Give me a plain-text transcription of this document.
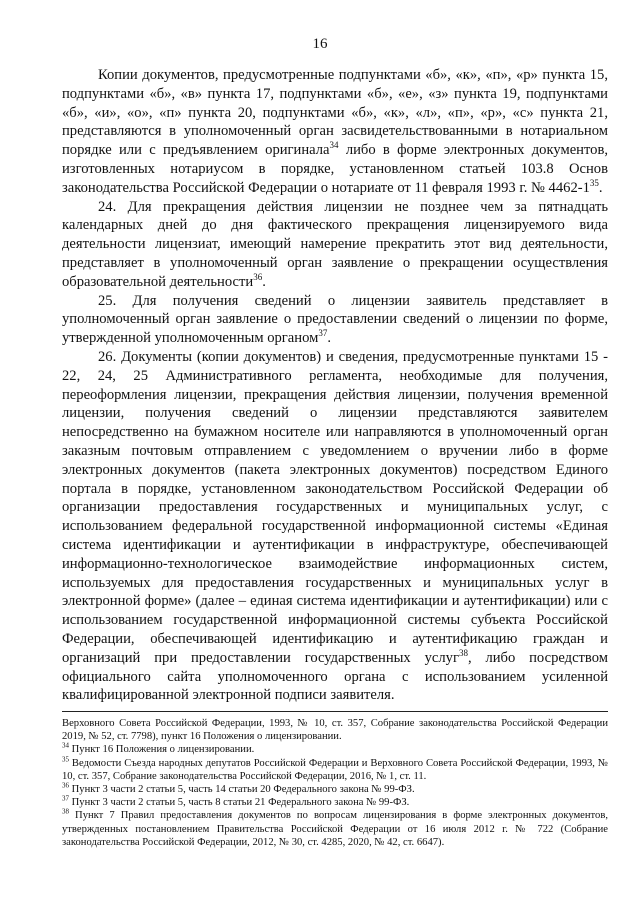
16

Копии документов, предусмотренные подпунктами «б», «к», «п», «р» пункта 15, подпунктами «б», «в» пункта 17, подпунктами «б», «е», «з» пункта 19, подпунктами «б», «и», «о», «п» пункта 20, подпунктами «б», «к», «л», «п», «р», «с» пункта 21, представляются в уполномоченный орган засвидетельствованными в нотариальном порядке или с предъявлением оригинала$^{34}$ либо в форме электронных документов, изготовленных нотариусом в порядке, установленном статьей 103.8 Основ законодательства Российской Федерации о нотариате от 11 февраля 1993 г. № $4462-1^{35}$.

24. Для прекращения действия лицензии не позднее чем за пятнадцать календарных дней до дня фактического прекращения лицензируемого вида деятельности лицензиат, имеющий намерение прекратить этот вид деятельности, представляет в уполномоченный орган заявление о прекращении осуществления образовательной деятельности$^{36}$.

25. Для получения сведений о лицензии заявитель представляет в уполномоченный орган заявление о предоставлении сведений о лицензии по форме, утвержденной уполномоченным органом$^{37}$.

26. Документы (копии документов) и сведения, предусмотренные пунктами 15 - 22, 24, 25 Административного регламента, необходимые для получения, переоформления лицензии, прекращения действия лицензии, получения временной лицензии, получения сведений о лицензии представляются заявителем непосредственно на бумажном носителе или направляются в уполномоченный орган заказным почтовым отправлением с уведомлением о вручении либо в форме электронных документов (пакета электронных документов) посредством Единого портала в порядке, установленном законодательством Российской Федерации об организации предоставления государственных и муниципальных услуг, с использованием федеральной государственной информационной системы «Единая система идентификации и аутентификации в инфраструктуре, обеспечивающей информационно-технологическое взаимодействие информационных систем, используемых для предоставления государственных и муниципальных услуг в электронной форме» (далее – единая система идентификации и аутентификации) или с использованием государственной информационной системы субъекта Российской Федерации, обеспечивающей идентификацию и аутентификацию граждан и организаций при предоставлении государственных услуг$^{38}$, либо посредством официального сайта уполномоченного органа с использованием усиленной квалифицированной электронной подписи заявителя.

Верховного Совета Российской Федерации, 1993, № 10, ст. 357, Собрание законодательства Российской Федерации 2019, № 52, ст. 7798), пункт 16 Положения о лицензировании.

$^{34}$ Пункт 16 Положения о лицензировании.

$^{35}$ Ведомости Съезда народных депутатов Российской Федерации и Верховного Совета Российской Федерации, 1993, № 10, ст. 357, Собрание законодательства Российской Федерации, 2016, № 1, ст. 11.

$^{36}$ Пункт 3 части 2 статьи 5, часть 14 статьи 20 Федерального закона № 99-ФЗ.

$^{37}$ Пункт 3 части 2 статьи 5, часть 8 статьи 21 Федерального закона № 99-ФЗ.

$^{38}$ Пункт 7 Правил предоставления документов по вопросам лицензирования в форме электронных документов, утвержденных постановлением Правительства Российской Федерации от 16 июля 2012 г. № 722 (Собрание законодательства Российской Федерации, 2012, № 30, ст. 4285, 2020, № 42, ст. 6647).
